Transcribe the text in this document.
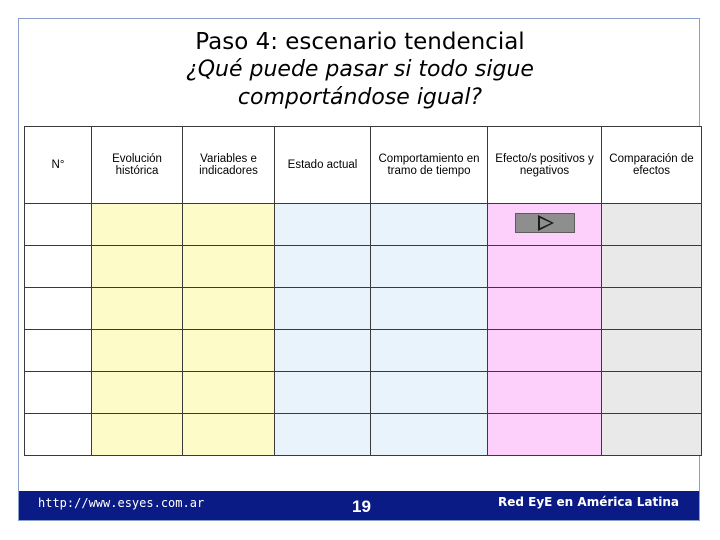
Paso 4: escenario tendencial
¿Qué puede pasar si todo sigue
comportándose igual?
N°	Evolución histórica	Variables e indicadores	Estado actual	Comportamiento en tramo de tiempo	Efecto/s positivos y negativos	Comparación de efectos

http://www.esyes.com.ar	19	Red EyE en América Latina
